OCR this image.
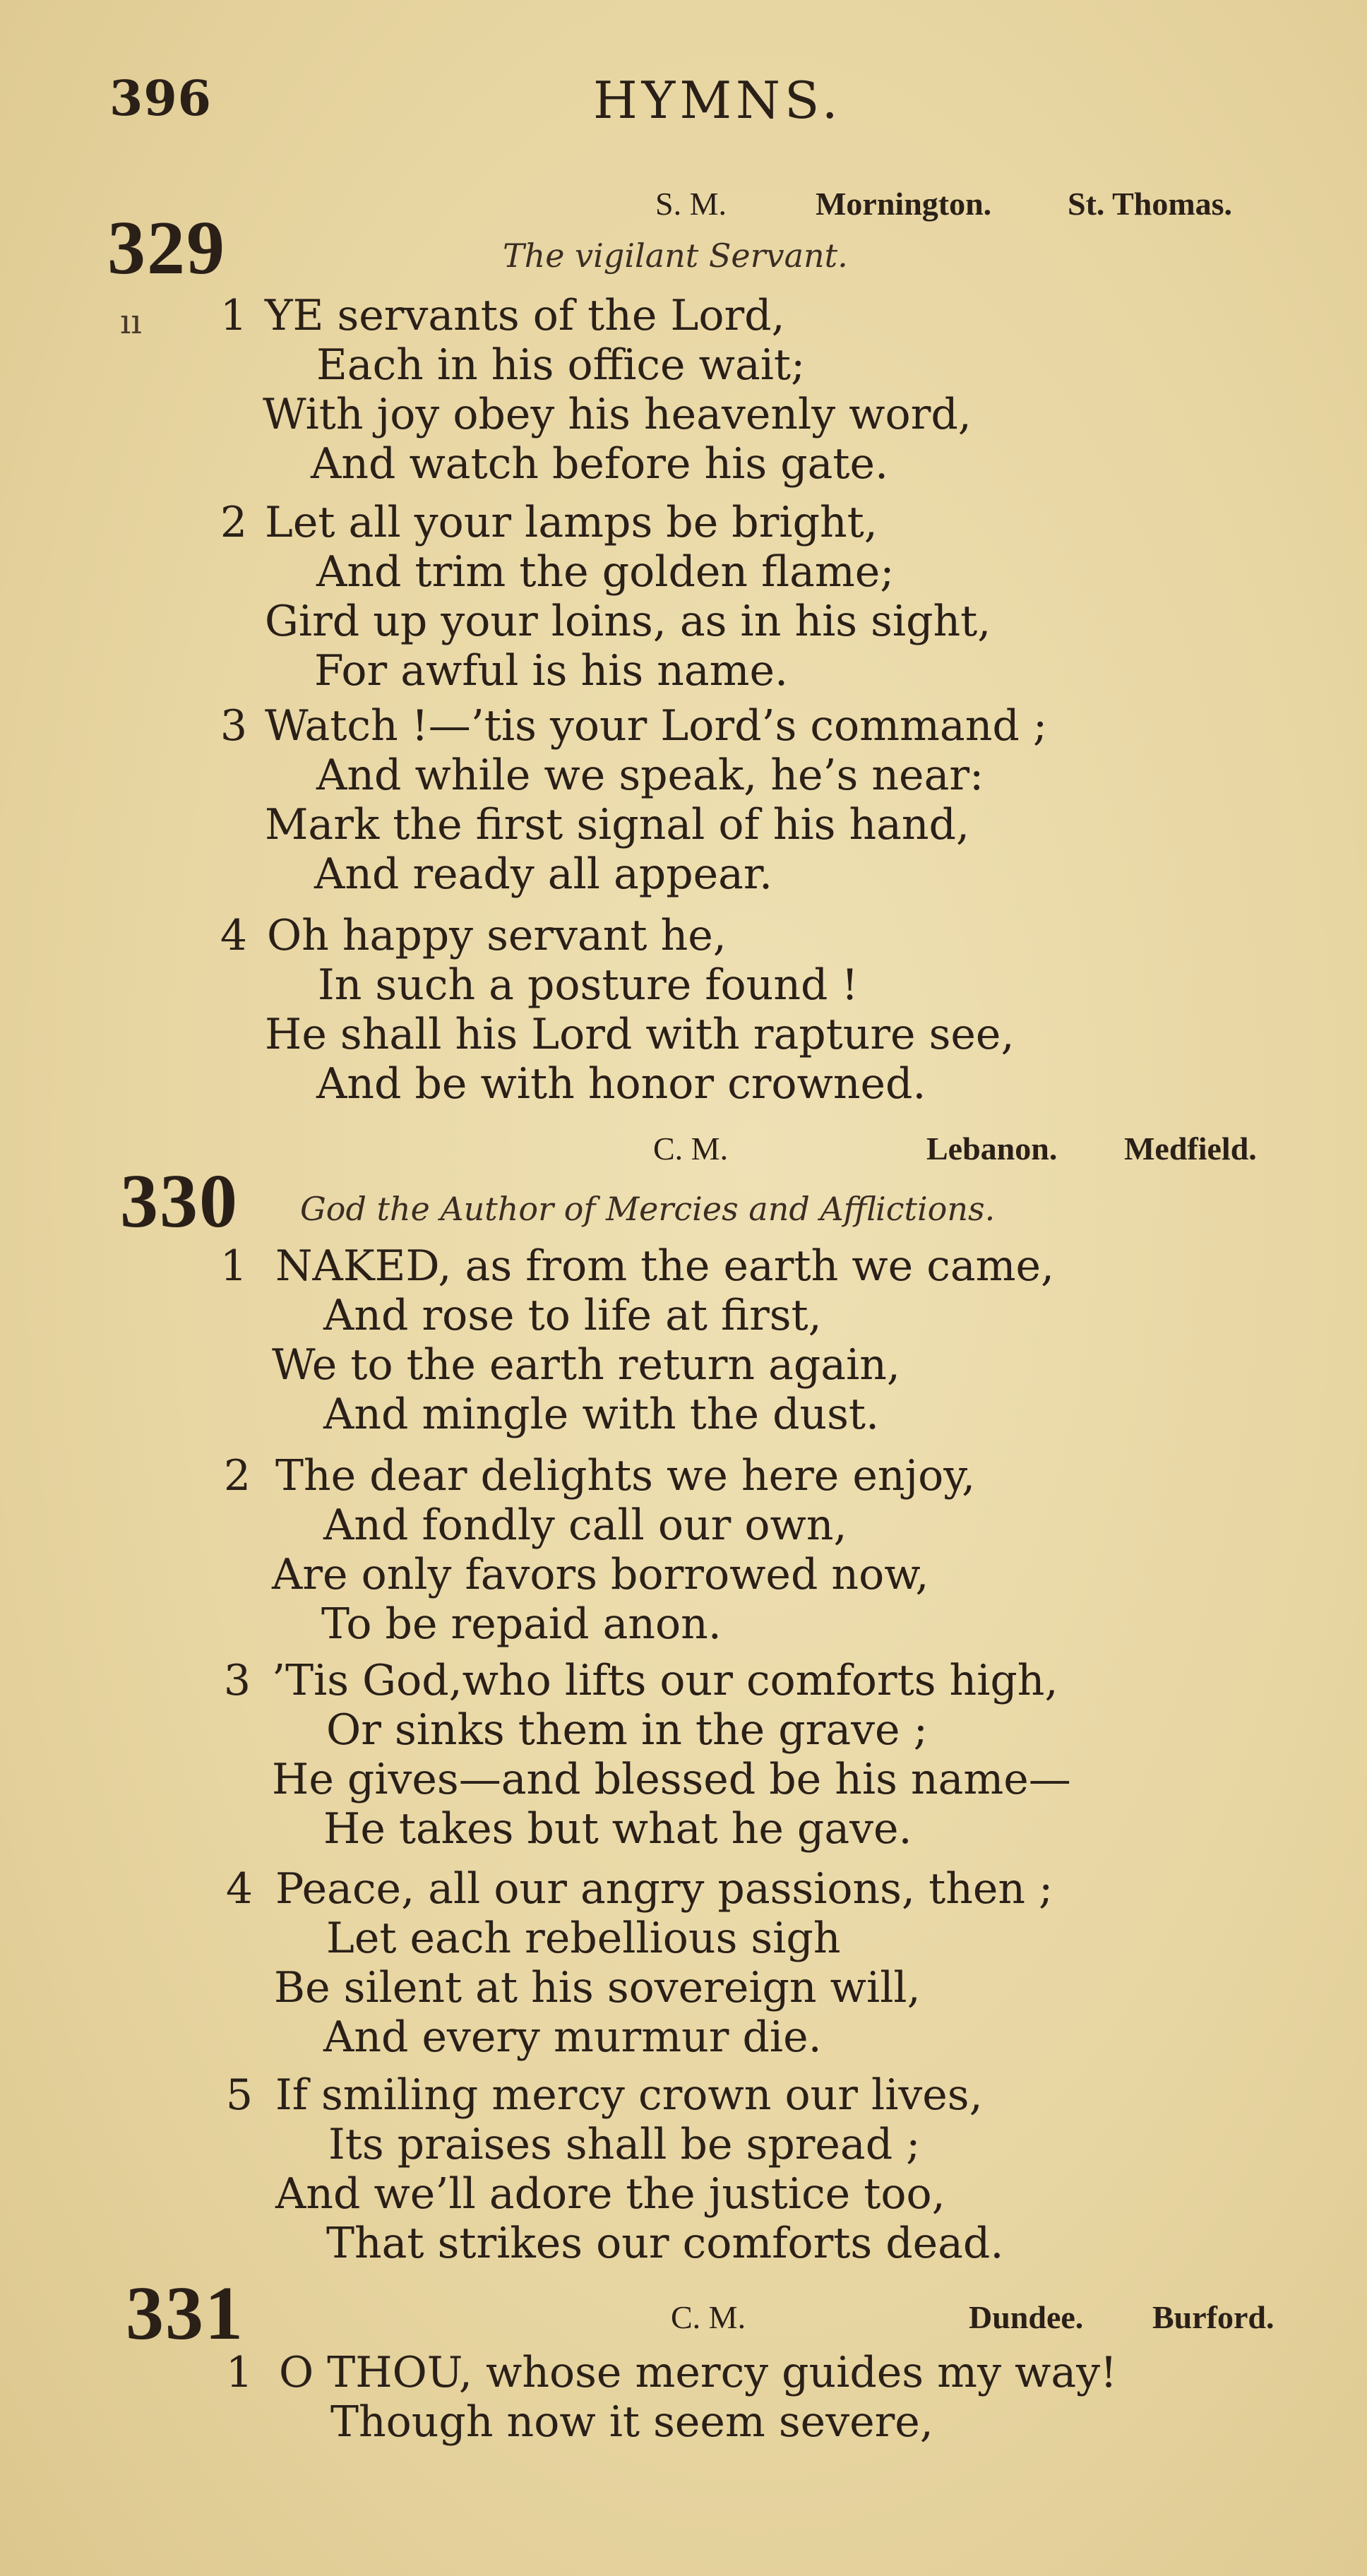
396	HYMNS.
S. M.	Mornington. St. Thomas.
329	The vigilant Servant.
ıı	1 YE servants of the Lord,
Each in his office wait;
With joy obey his heavenly word,
And watch before his gate.
2 Let all your lamps be bright,
And trim the golden flame;
Gird up your loins, as in his sight,
For awful is his name.
3 Watch !—’tis your Lord’s command ;
And while we speak, he’s near:
Mark the first signal of his hand,
And ready all appear.
4 Oh happy servant he,
In such a posture found !
He shall his Lord with rapture see,
And be with honor crowned.
C. M.	Lebanon. Medfield.
330 God the Author of Mercies and Afflictions.
1 NAKED, as from the earth we came,
And rose to life at first,
We to the earth return again,
And mingle with the dust.
2 The dear delights we here enjoy,
And fondly call our own,
Are only favors borrowed now,
To be repaid anon.
3 ’Tis God,who lifts our comforts high,
Or sinks them in the grave ;
He gives—and blessed be his name—
He takes but what he gave.
4 Peace, all our angry passions, then ;
Let each rebellious sigh
Be silent at his sovereign will,
And every murmur die.
5 If smiling mercy crown our lives,
Its praises shall be spread ;
And we’ll adore the justice too,
That strikes our comforts dead.
331	C. M.	Dundee. Burford.
1 O THOU, whose mercy guides my way!
Though now it seem severe,
